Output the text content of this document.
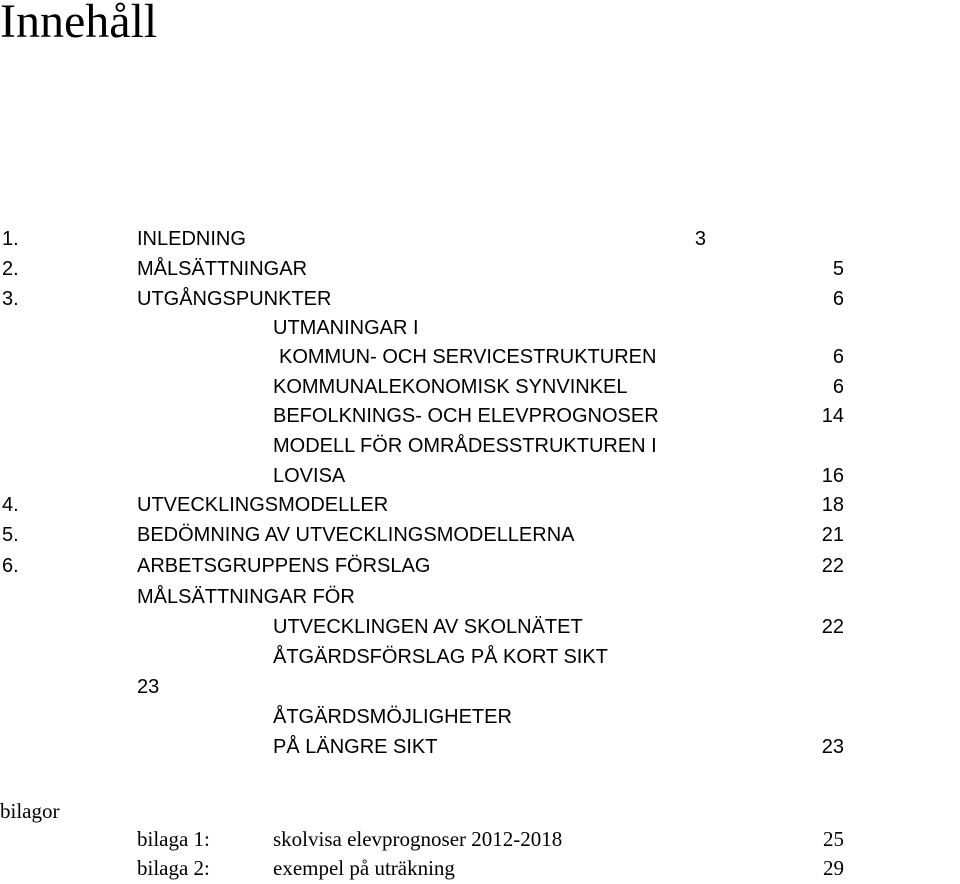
Innehåll
1.	INLEDNING	3
2.	MÅLSÄTTNINGAR	5
3.	UTGÅNGSPUNKTER	6
UTMANINGAR I
KOMMUN- OCH SERVICESTRUKTUREN	6
KOMMUNALEKONOMISK SYNVINKEL	6
BEFOLKNINGS- OCH ELEVPROGNOSER	14
MODELL FÖR OMRÅDESSTRUKTUREN I
LOVISA	16
4.	UTVECKLINGSMODELLER	18
5.	BEDÖMNING AV UTVECKLINGSMODELLERNA	21
6.	ARBETSGRUPPENS FÖRSLAG	22
MÅLSÄTTNINGAR FÖR
UTVECKLINGEN AV SKOLNÄTET	22
ÅTGÄRDSFÖRSLAG PÅ KORT SIKT
23
ÅTGÄRDSMÖJLIGHETER
PÅ LÄNGRE SIKT	23
bilagor
bilaga 1:	skolvisa elevprognoser 2012-2018	25
bilaga 2:	exempel på uträkning	29
